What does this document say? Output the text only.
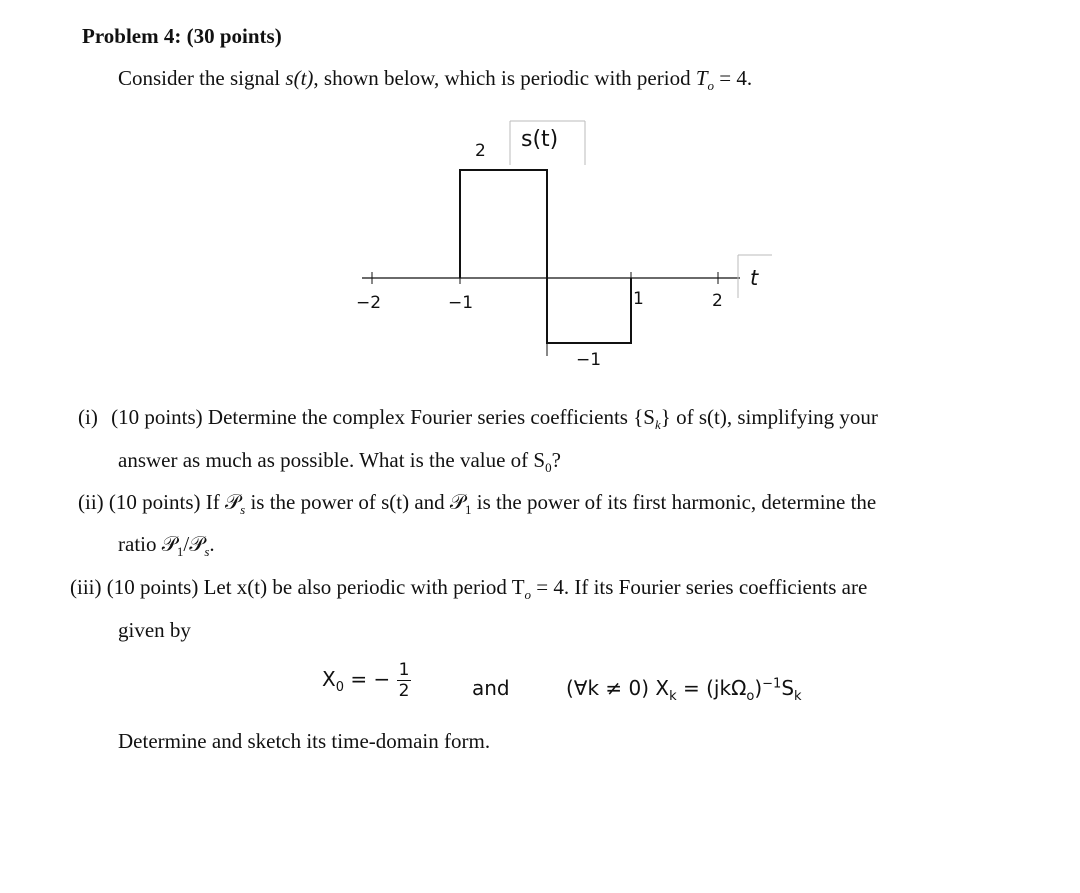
Problem 4: (30 points)
Consider the signal s(t), shown below, which is periodic with period $T_o = 4$.
s(t)
2
−2	−1	1	2
t
−1
(i) (10 points) Determine the complex Fourier series coefficients $\{S_k\}$ of s(t), simplifying your
answer as much as possible. What is the value of $S_0$?
(ii) (10 points) If 𝒫$_s$ is the power of s(t) and 𝒫$_1$ is the power of its first harmonic, determine the
ratio 𝒫$_1$/𝒫$_s$.
(iii) (10 points) Let x(t) be also periodic with period $T_o = 4$. If its Fourier series coefficients are
given by
$X_0$ = − $\frac{1}{2}$	and	(∀k ≠ 0) $X_k = (jk\Omega_o)^{-1}S_k$
Determine and sketch its time-domain form.
